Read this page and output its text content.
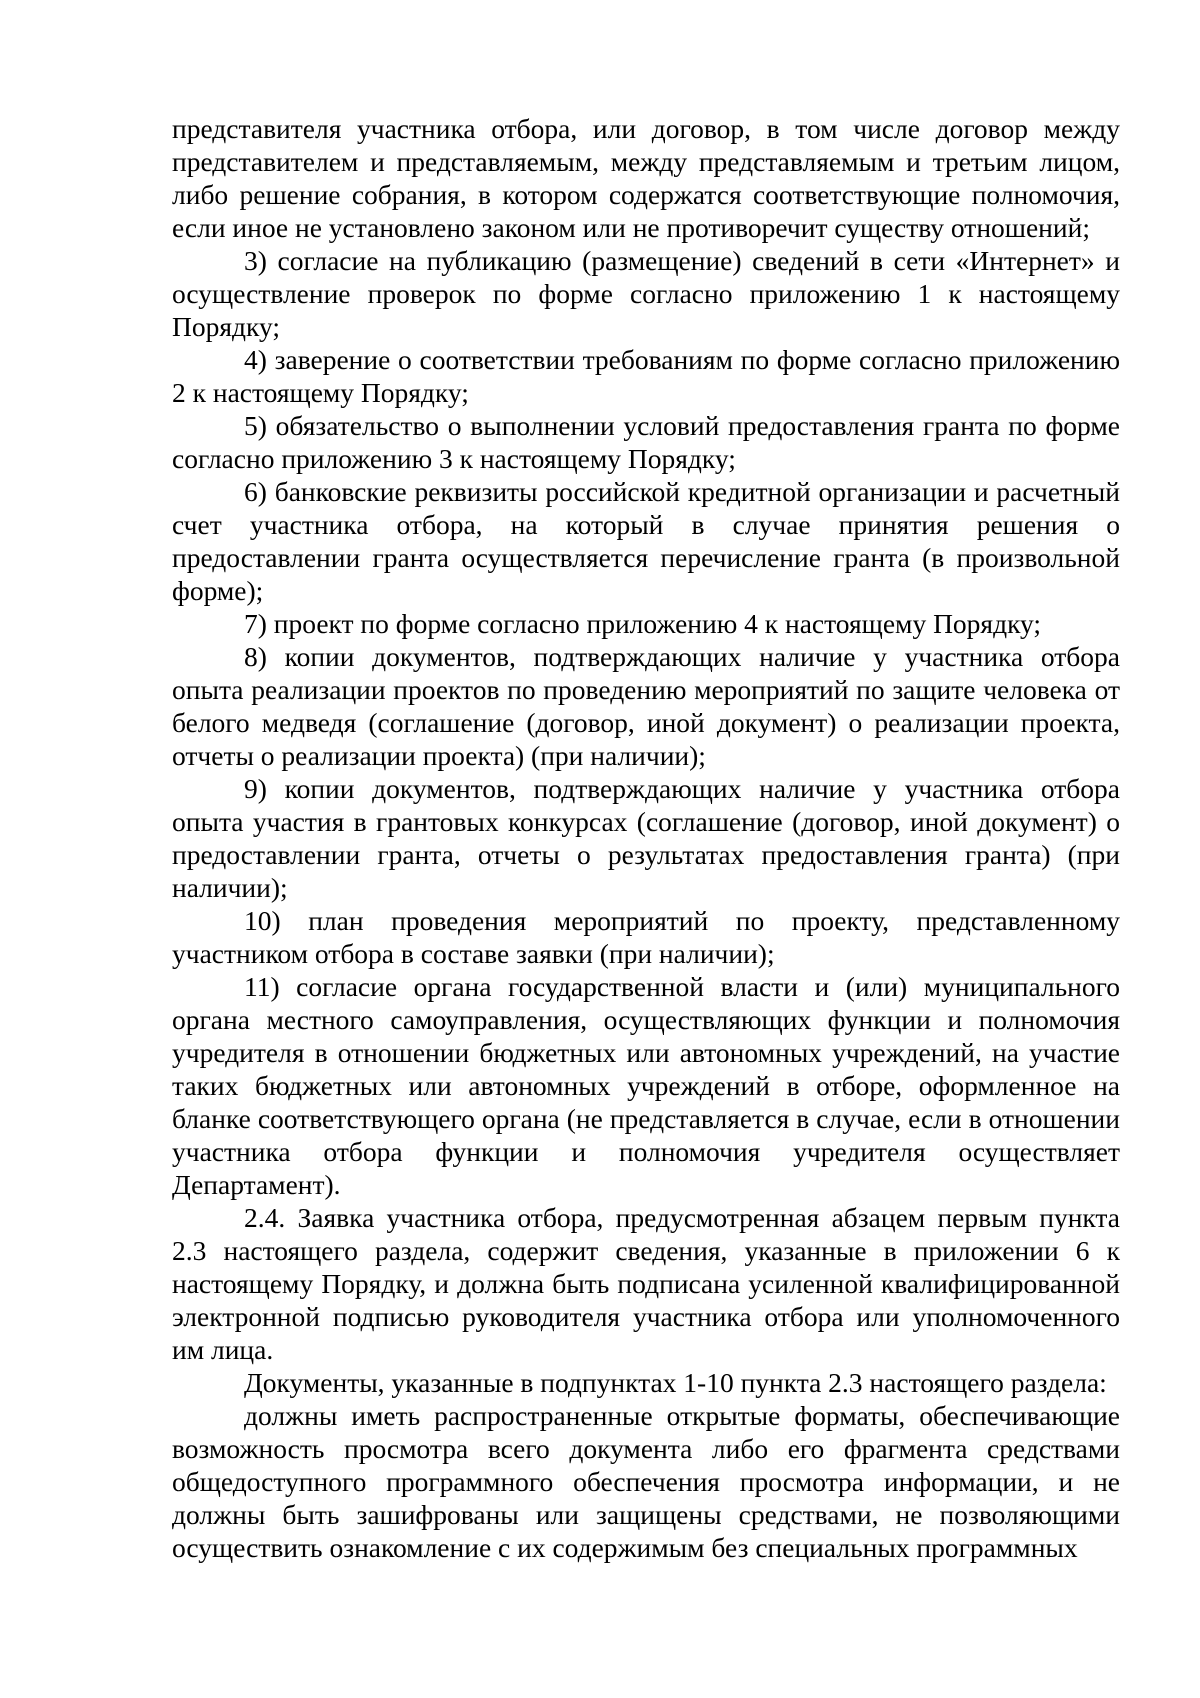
представителя участника отбора, или договор, в том числе договор между представителем и представляемым, между представляемым и третьим лицом, либо решение собрания, в котором содержатся соответствующие полномочия, если иное не установлено законом или не противоречит существу отношений;

3) согласие на публикацию (размещение) сведений в сети «Интернет» и осуществление проверок по форме согласно приложению 1 к настоящему Порядку;

4) заверение о соответствии требованиям по форме согласно приложению 2 к настоящему Порядку;

5) обязательство о выполнении условий предоставления гранта по форме согласно приложению 3 к настоящему Порядку;

6) банковские реквизиты российской кредитной организации и расчетный счет участника отбора, на который в случае принятия решения о предоставлении гранта осуществляется перечисление гранта (в произвольной форме);

7) проект по форме согласно приложению 4 к настоящему Порядку;

8) копии документов, подтверждающих наличие у участника отбора опыта реализации проектов по проведению мероприятий по защите человека от белого медведя (соглашение (договор, иной документ) о реализации проекта, отчеты о реализации проекта) (при наличии);

9) копии документов, подтверждающих наличие у участника отбора опыта участия в грантовых конкурсах (соглашение (договор, иной документ) о предоставлении гранта, отчеты о результатах предоставления гранта) (при наличии);

10) план проведения мероприятий по проекту, представленному участником отбора в составе заявки (при наличии);

11) согласие органа государственной власти и (или) муниципального органа местного самоуправления, осуществляющих функции и полномочия учредителя в отношении бюджетных или автономных учреждений, на участие таких бюджетных или автономных учреждений в отборе, оформленное на бланке соответствующего органа (не представляется в случае, если в отношении участника отбора функции и полномочия учредителя осуществляет Департамент).

2.4. Заявка участника отбора, предусмотренная абзацем первым пункта 2.3 настоящего раздела, содержит сведения, указанные в приложении 6 к настоящему Порядку, и должна быть подписана усиленной квалифицированной электронной подписью руководителя участника отбора или уполномоченного им лица.

Документы, указанные в подпунктах 1-10 пункта 2.3 настоящего раздела:

должны иметь распространенные открытые форматы, обеспечивающие возможность просмотра всего документа либо его фрагмента средствами общедоступного программного обеспечения просмотра информации, и не должны быть зашифрованы или защищены средствами, не позволяющими осуществить ознакомление с их содержимым без специальных программных
